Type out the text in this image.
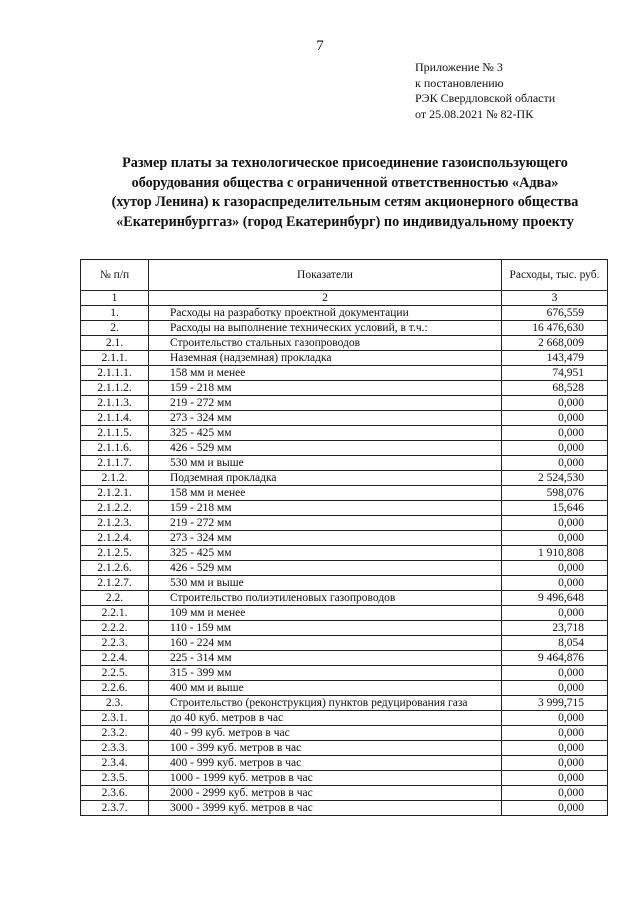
7
Приложение № 3
к постановлению
РЭК Свердловской области
от 25.08.2021 № 82-ПК
Размер платы за технологическое присоединение газоиспользующего
оборудования общества с ограниченной ответственностью «Адва»
(хутор Ленина) к газораспределительным сетям акционерного общества
«Екатеринбурггаз» (город Екатеринбург) по индивидуальному проекту
№ п/п	Показатели	Расходы, тыс. руб.
1	2	3
1.	Расходы на разработку проектной документации	676,559
2.	Расходы на выполнение технических условий, в т.ч.:	16 476,630
2.1.	Строительство стальных газопроводов	2 668,009
2.1.1.	Наземная (надземная) прокладка	143,479
2.1.1.1.	158 мм и менее	74,951
2.1.1.2.	159 - 218 мм	68,528
2.1.1.3.	219 - 272 мм	0,000
2.1.1.4.	273 - 324 мм	0,000
2.1.1.5.	325 - 425 мм	0,000
2.1.1.6.	426 - 529 мм	0,000
2.1.1.7.	530 мм и выше	0,000
2.1.2.	Подземная прокладка	2 524,530
2.1.2.1.	158 мм и менее	598,076
2.1.2.2.	159 - 218 мм	15,646
2.1.2.3.	219 - 272 мм	0,000
2.1.2.4.	273 - 324 мм	0,000
2.1.2.5.	325 - 425 мм	1 910,808
2.1.2.6.	426 - 529 мм	0,000
2.1.2.7.	530 мм и выше	0,000
2.2.	Строительство полиэтиленовых газопроводов	9 496,648
2.2.1.	109 мм и менее	0,000
2.2.2.	110 - 159 мм	23,718
2.2.3.	160 - 224 мм	8,054
2.2.4.	225 - 314 мм	9 464,876
2.2.5.	315 - 399 мм	0,000
2.2.6.	400 мм и выше	0,000
2.3.	Строительство (реконструкция) пунктов редуцирования газа	3 999,715
2.3.1.	до 40 куб. метров в час	0,000
2.3.2.	40 - 99 куб. метров в час	0,000
2.3.3.	100 - 399 куб. метров в час	0,000
2.3.4.	400 - 999 куб. метров в час	0,000
2.3.5.	1000 - 1999 куб. метров в час	0,000
2.3.6.	2000 - 2999 куб. метров в час	0,000
2.3.7.	3000 - 3999 куб. метров в час	0,000
